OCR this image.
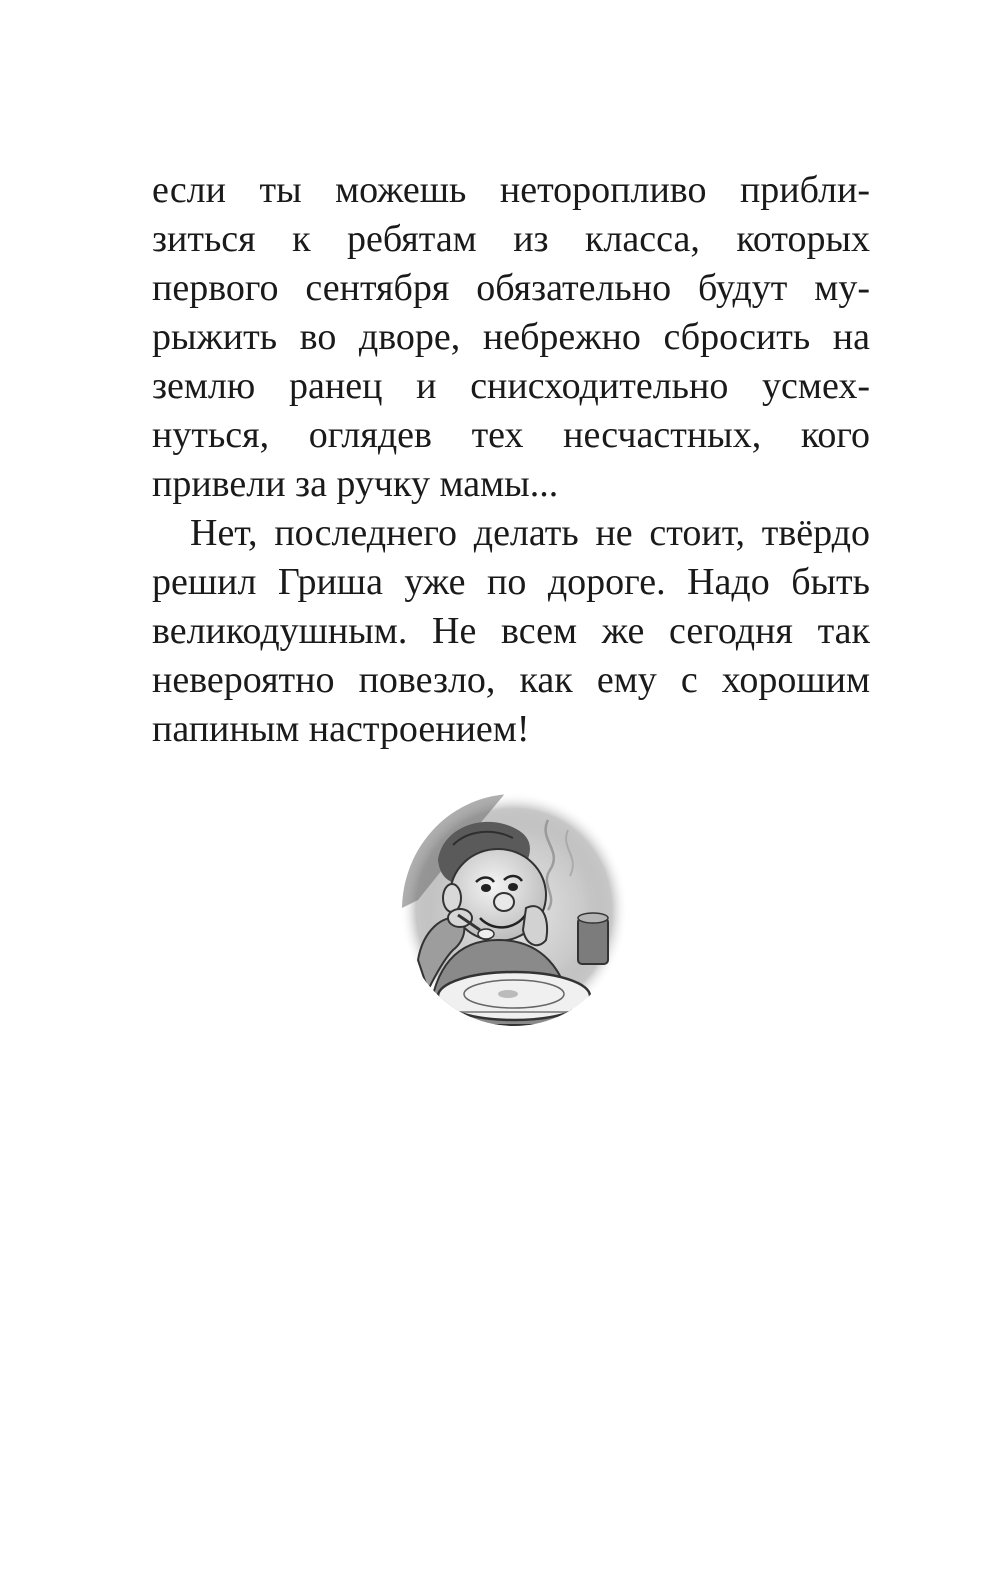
если ты можешь неторопливо прибли-
зиться к ребятам из класса, которых
первого сентября обязательно будут му-
рыжить во дворе, небрежно сбросить на
землю ранец и снисходительно усмех-
нуться, оглядев тех несчастных, кого
привели за ручку мамы...
Нет, последнего делать не стоит, твёрдо
решил Гриша уже по дороге. Надо быть
великодушным. Не всем же сегодня так
невероятно повезло, как ему с хорошим
папиным настроением!
